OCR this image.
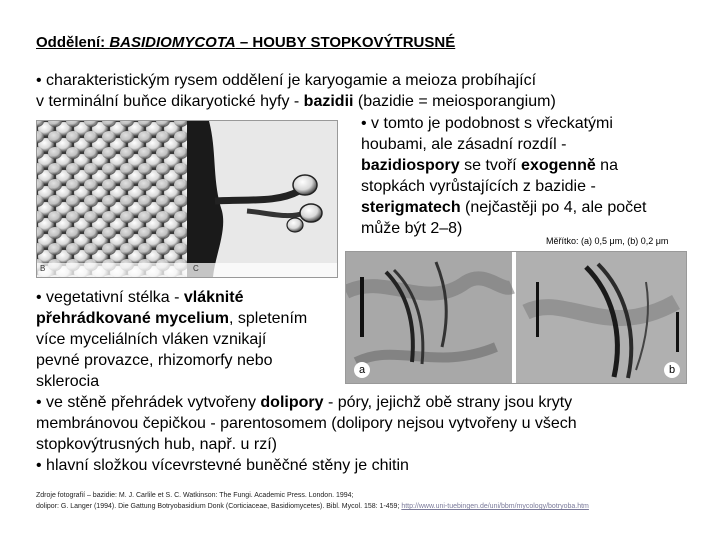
Oddělení: BASIDIOMYCOTA – HOUBY STOPKOVÝTRUSNÉ
• charakteristickým rysem oddělení je karyogamie a meioza probíhající
v terminální buňce dikaryotické hyfy - bazidii (bazidie = meiosporangium)
B	C
• v tomto je podobnost s vřeckatými
houbami, ale zásadní rozdíl -
bazidiospory se tvoří exogenně na
stopkách vyrůstajících z bazidie -
sterigmatech (nejčastěji po 4, ale počet
může být 2–8)
Měřítko: (a) 0,5 μm, (b) 0,2 μm
a	b
• vegetativní stélka - vláknité
přehrádkované mycelium, spletením
více myceliálních vláken vznikají
pevné provazce, rhizomorfy nebo
sklerocia
• ve stěně přehrádek vytvořeny dolipory - póry, jejichž obě strany jsou kryty
membránovou čepičkou - parentosomem (dolipory nejsou vytvořeny u všech
stopkovýtrusných hub, např. u rzí)
• hlavní složkou vícevrstevné buněčné stěny je chitin
Zdroje fotografií – bazidie: M. J. Carlile et S. C. Watkinson: The Fungi. Academic Press. London. 1994;
dolipor: G. Langer (1994). Die Gattung Botryobasidium Donk (Corticiaceae, Basidiomycetes). Bibl. Mycol. 158: 1-459; http://www.uni-tuebingen.de/uni/bbm/mycology/botryoba.htm
